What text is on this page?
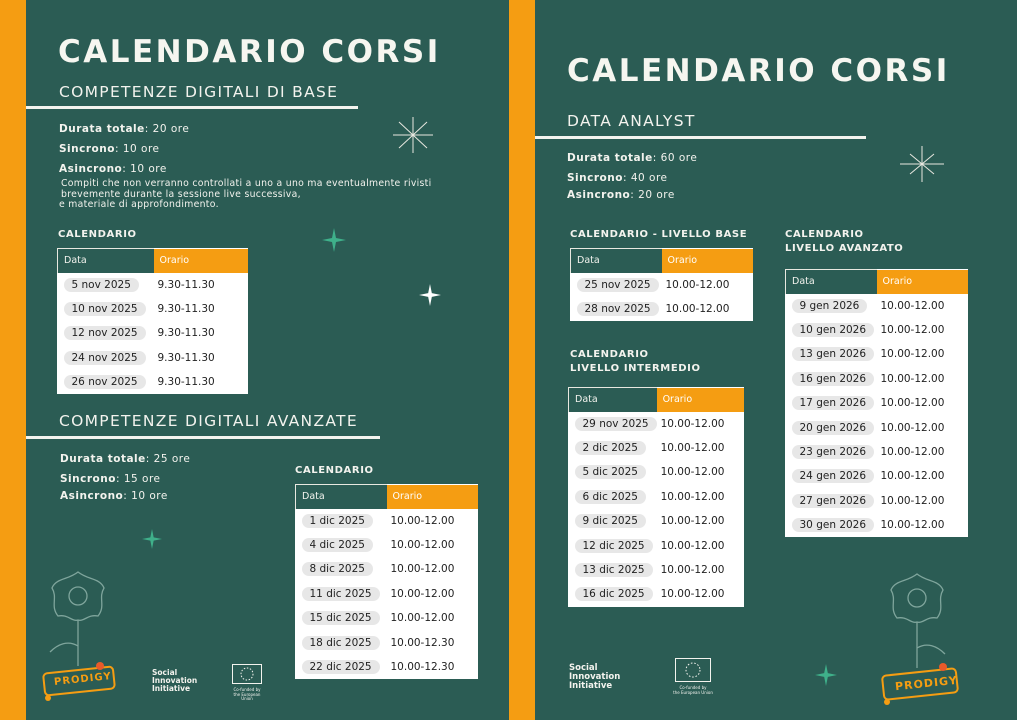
CALENDARIO CORSI
COMPETENZE DIGITALI DI BASE
Durata totale: 20 ore
Sincrono: 10 ore
Asincrono: 10 ore
Compiti che non verranno controllati a uno a uno ma eventualmente rivisti
brevemente durante la sessione live successiva,
e materiale di approfondimento.
CALENDARIO
Data	Orario
5 nov 2025	9.30-11.30
10 nov 2025	9.30-11.30
12 nov 2025	9.30-11.30
24 nov 2025	9.30-11.30
26 nov 2025	9.30-11.30
COMPETENZE DIGITALI AVANZATE
Durata totale: 25 ore
Sincrono: 15 ore
Asincrono: 10 ore
CALENDARIO
Data	Orario
1 dic 2025	10.00-12.00
4 dic 2025	10.00-12.00
8 dic 2025	10.00-12.00
11 dic 2025	10.00-12.00
15 dic 2025	10.00-12.00
18 dic 2025	10.00-12.30
22 dic 2025	10.00-12.30
PRODIGY	Social
Innovation
Initiative	Co-funded by
the European Union
CALENDARIO CORSI
DATA ANALYST
Durata totale: 60 ore
Sincrono: 40 ore
Asincrono: 20 ore
CALENDARIO - LIVELLO BASE
Data	Orario
25 nov 2025	10.00-12.00
28 nov 2025	10.00-12.00
CALENDARIO
LIVELLO INTERMEDIO
Data	Orario
29 nov 2025	10.00-12.00
2 dic 2025	10.00-12.00
5 dic 2025	10.00-12.00
6 dic 2025	10.00-12.00
9 dic 2025	10.00-12.00
12 dic 2025	10.00-12.00
13 dic 2025	10.00-12.00
16 dic 2025	10.00-12.00
CALENDARIO
LIVELLO AVANZATO
Data	Orario
9 gen 2026	10.00-12.00
10 gen 2026	10.00-12.00
13 gen 2026	10.00-12.00
16 gen 2026	10.00-12.00
17 gen 2026	10.00-12.00
20 gen 2026	10.00-12.00
23 gen 2026	10.00-12.00
24 gen 2026	10.00-12.00
27 gen 2026	10.00-12.00
30 gen 2026	10.00-12.00
Social
Innovation
Initiative	Co-funded by
the European Union	PRODIGY
